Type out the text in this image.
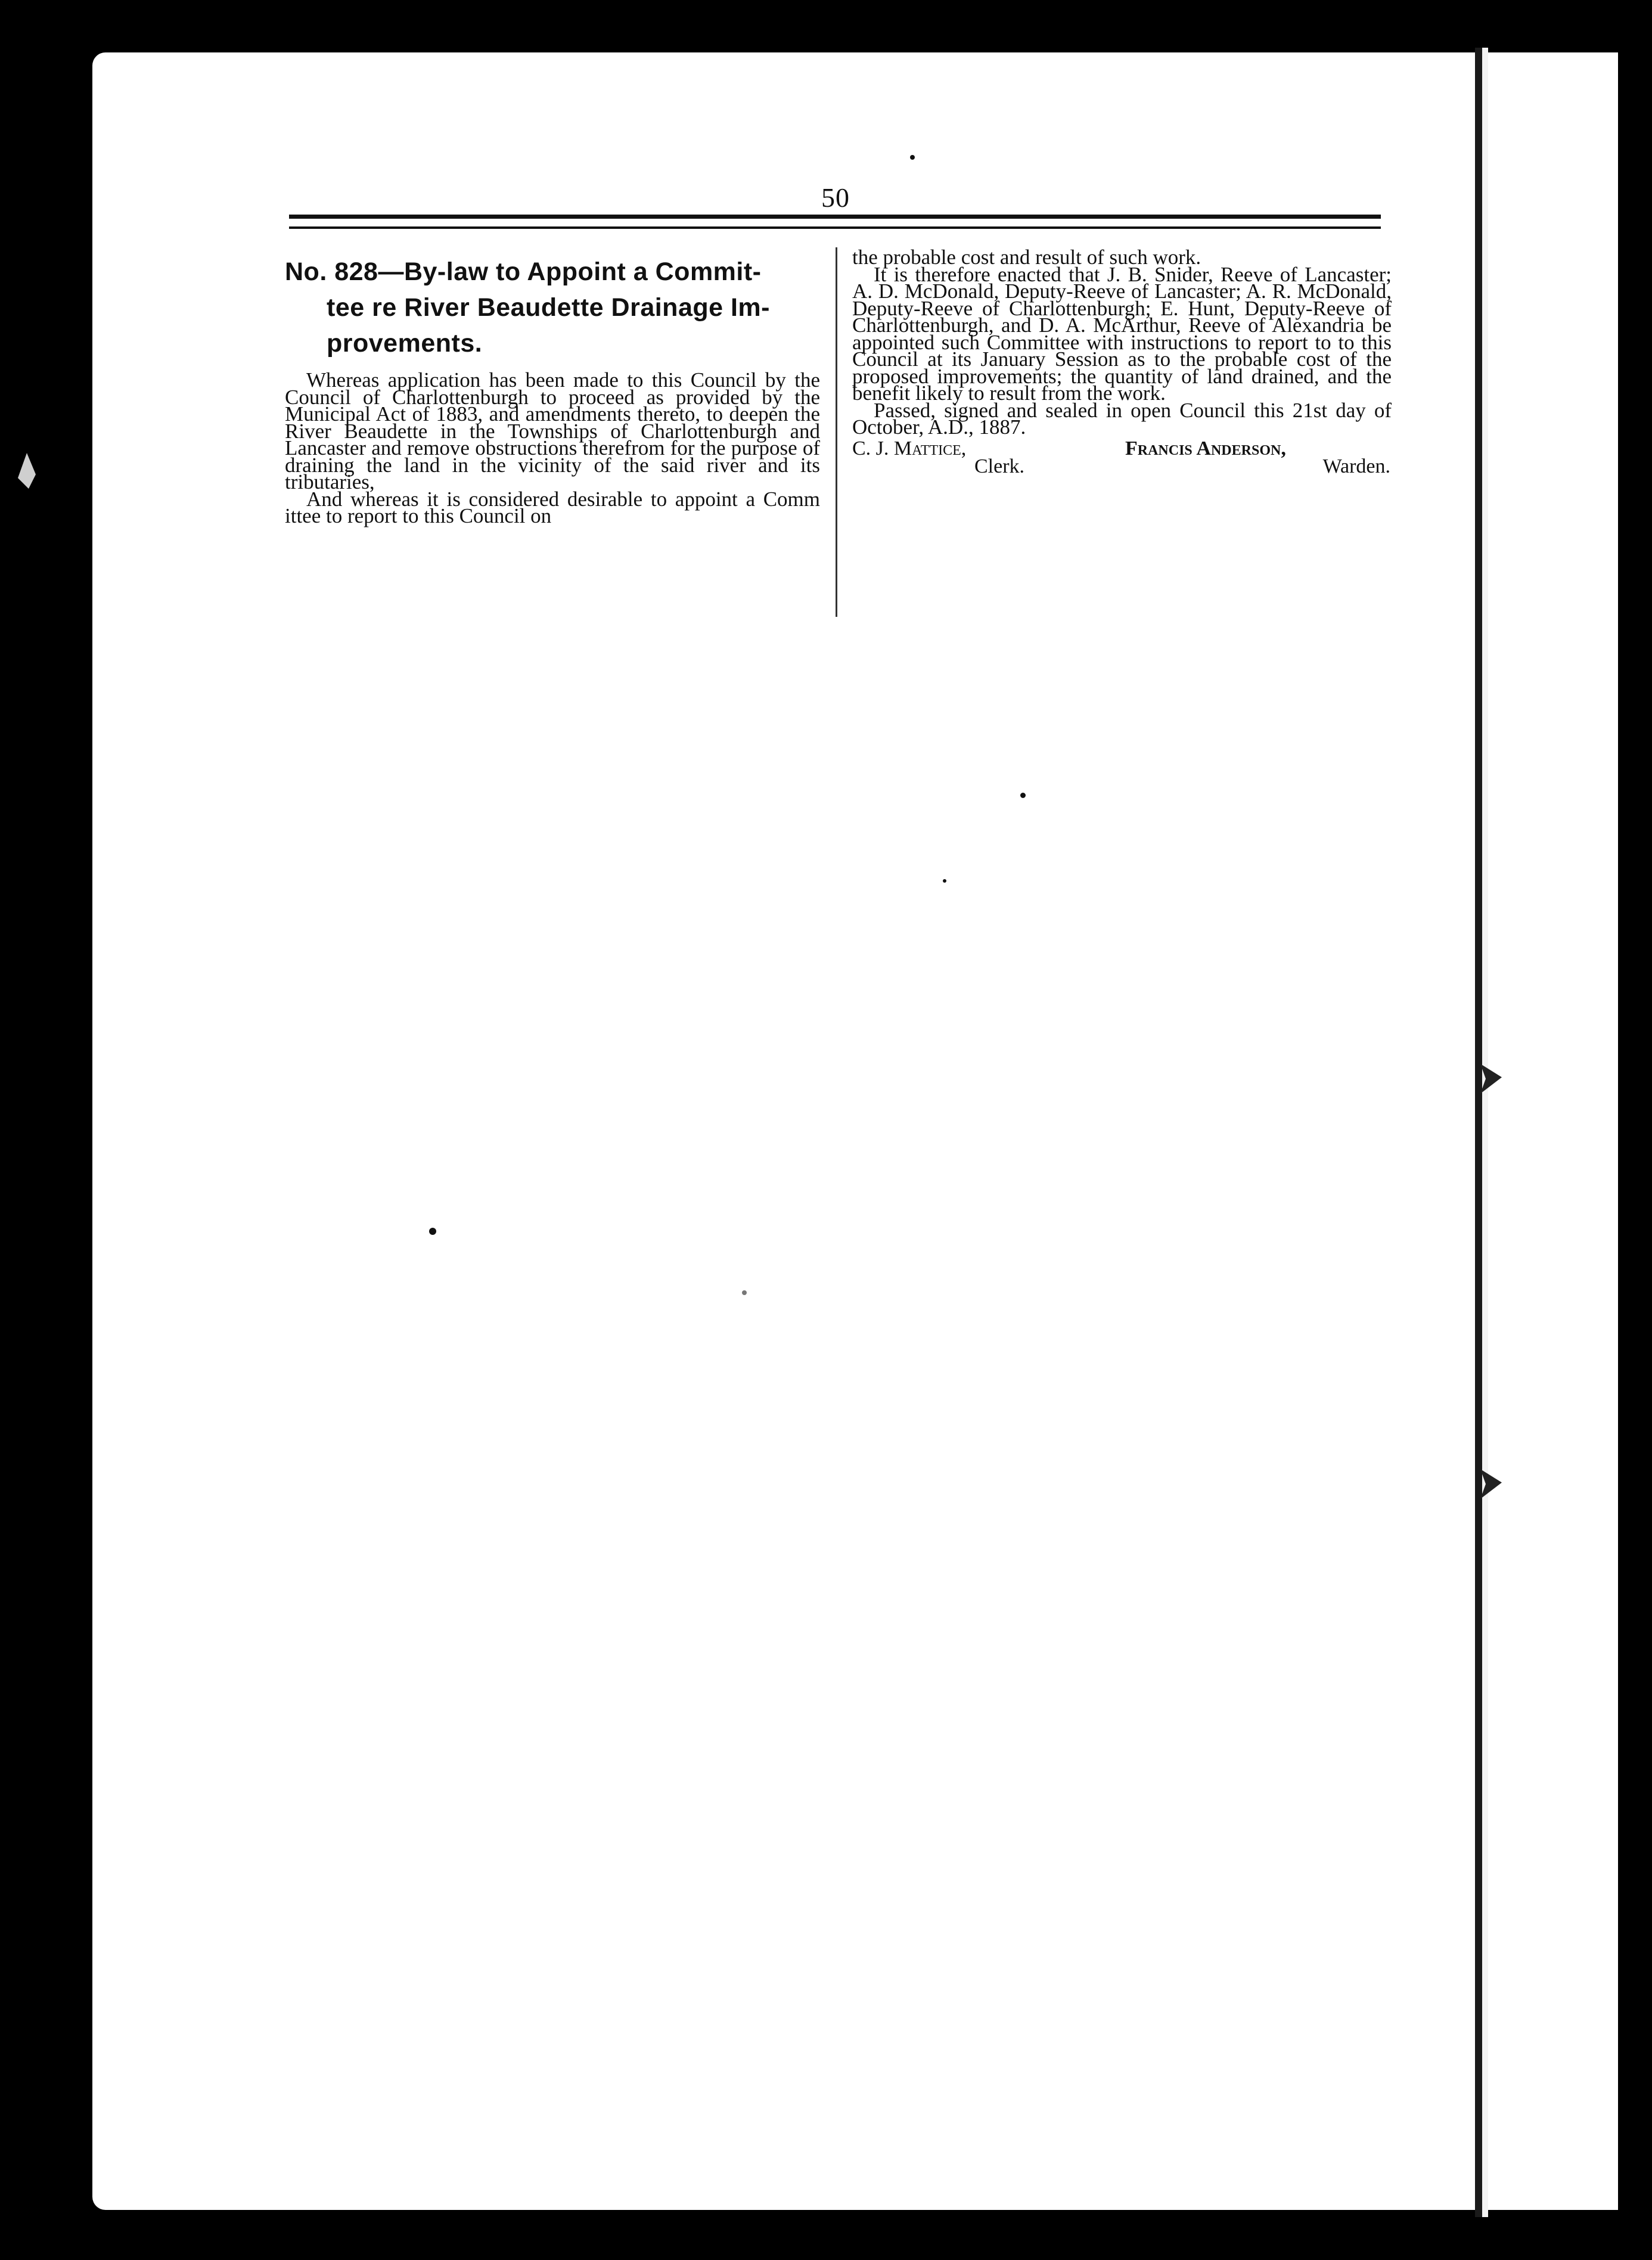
50
No. 828—By-law to Appoint a Commit-

tee re River Beaudette Drainage Im-
provements.

Whereas application has been made to this Council by the Council of Charlottenburgh to proceed as provided by the Municipal Act of 1883, and amendments thereto, to deepen the River Beaudette in the Townships of Charlottenburgh and Lancaster and remove obstructions therefrom for the purpose of draining the land in the vicinity of the said river and its tributaries,

And whereas it is considered desirable to appoint a Comm ittee to report to this Council on

the probable cost and result of such work.

It is therefore enacted that J. B. Snider, Reeve of Lancaster; A. D. McDonald, Deputy-Reeve of Lancaster; A. R. McDonald, Deputy-Reeve of Charlottenburgh; E. Hunt, Deputy-Reeve of Charlottenburgh, and D. A. McArthur, Reeve of Alexandria be appointed such Committee with instructions to report to to this Council at its January Session as to the probable cost of the proposed improvements; the quantity of land drained, and the benefit likely to result from the work.

Passed, signed and sealed in open Council this 21st day of October, A.D., 1887.

C. J. Mattice,
Clerk.
Francis Anderson,
Warden.
